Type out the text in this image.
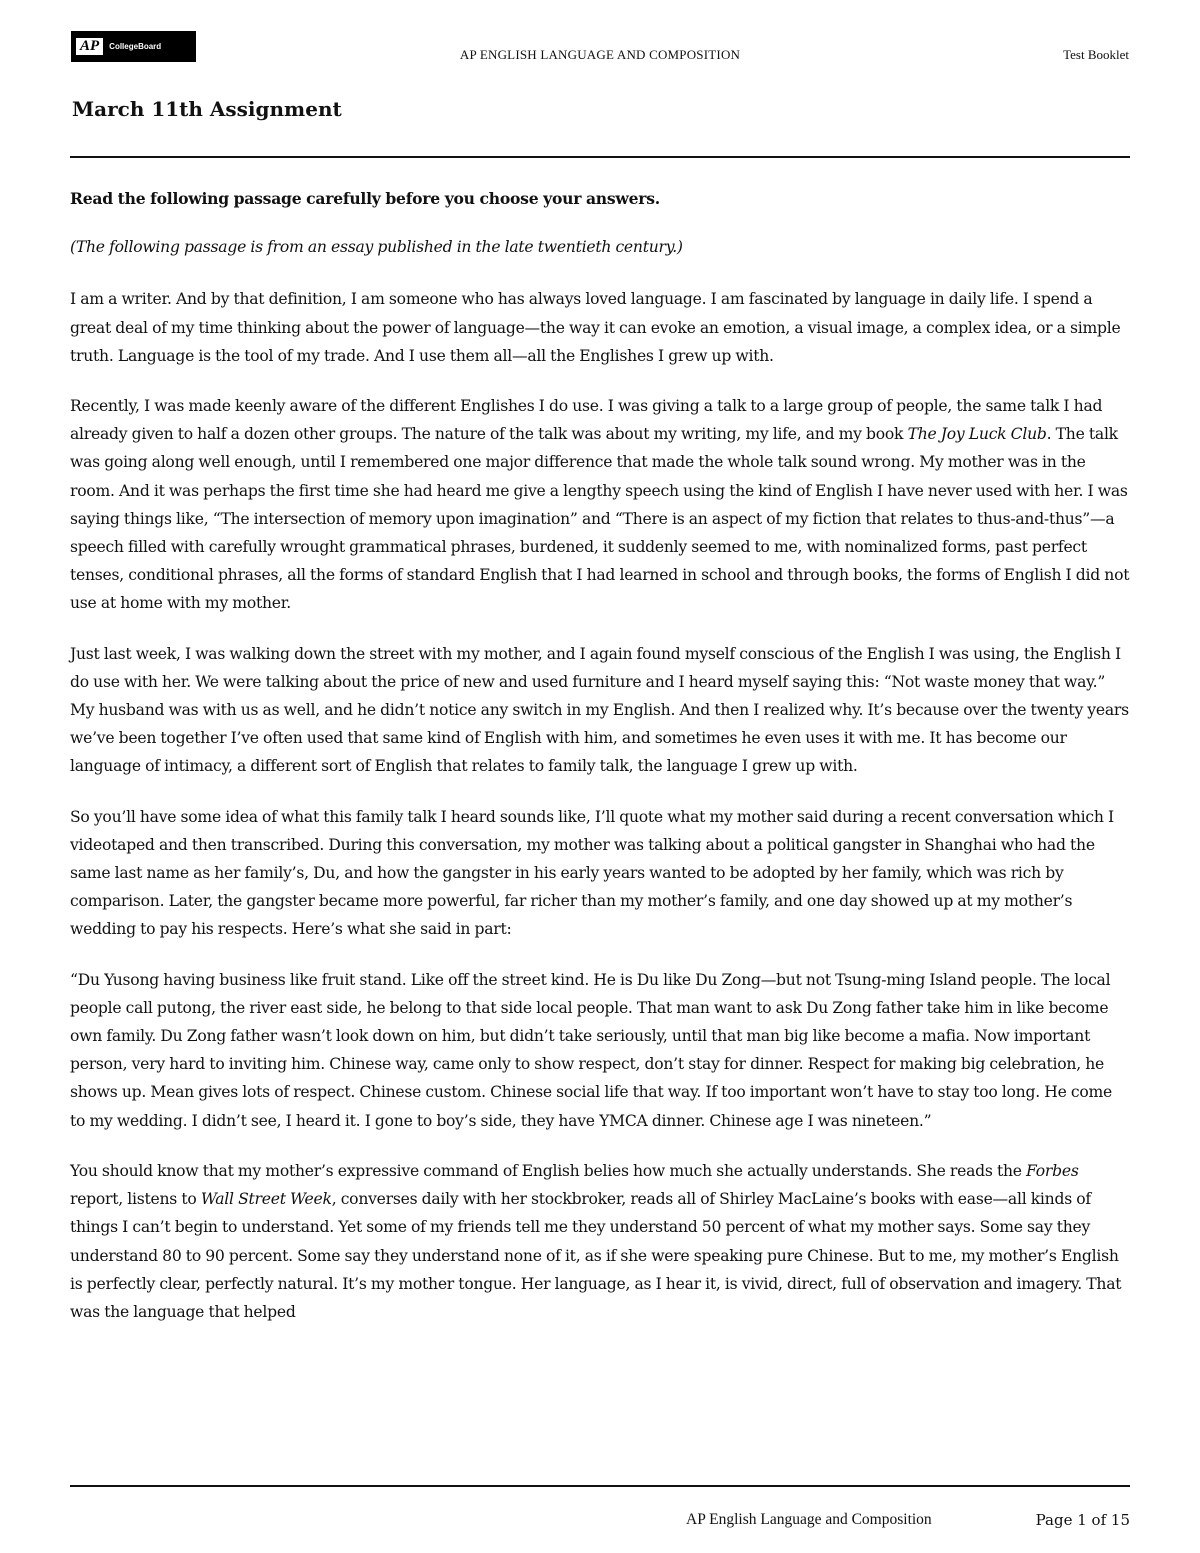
AP	CollegeBoard
AP ENGLISH LANGUAGE AND COMPOSITION	Test Booklet
March 11th Assignment

Read the following passage carefully before you choose your answers.

(The following passage is from an essay published in the late twentieth century.)

I am a writer. And by that definition, I am someone who has always loved language. I am fascinated by language in daily life. I spend a great deal of my time thinking about the power of language—the way it can evoke an emotion, a visual image, a complex idea, or a simple truth. Language is the tool of my trade. And I use them all—all the Englishes I grew up with.

Recently, I was made keenly aware of the different Englishes I do use. I was giving a talk to a large group of people, the same talk I had already given to half a dozen other groups. The nature of the talk was about my writing, my life, and my book The Joy Luck Club. The talk was going along well enough, until I remembered one major difference that made the whole talk sound wrong. My mother was in the room. And it was perhaps the first time she had heard me give a lengthy speech using the kind of English I have never used with her. I was saying things like, “The intersection of memory upon imagination” and “There is an aspect of my fiction that relates to thus-and-thus”—a speech filled with carefully wrought grammatical phrases, burdened, it suddenly seemed to me, with nominalized forms, past perfect tenses, conditional phrases, all the forms of standard English that I had learned in school and through books, the forms of English I did not use at home with my mother.

Just last week, I was walking down the street with my mother, and I again found myself conscious of the English I was using, the English I do use with her. We were talking about the price of new and used furniture and I heard myself saying this: “Not waste money that way.” My husband was with us as well, and he didn’t notice any switch in my English. And then I realized why. It’s because over the twenty years we’ve been together I’ve often used that same kind of English with him, and sometimes he even uses it with me. It has become our language of intimacy, a different sort of English that relates to family talk, the language I grew up with.

So you’ll have some idea of what this family talk I heard sounds like, I’ll quote what my mother said during a recent conversation which I videotaped and then transcribed. During this conversation, my mother was talking about a political gangster in Shanghai who had the same last name as her family’s, Du, and how the gangster in his early years wanted to be adopted by her family, which was rich by comparison. Later, the gangster became more powerful, far richer than my mother’s family, and one day showed up at my mother’s wedding to pay his respects. Here’s what she said in part:

“Du Yusong having business like fruit stand. Like off the street kind. He is Du like Du Zong—but not Tsung-ming Island people. The local people call putong, the river east side, he belong to that side local people. That man want to ask Du Zong father take him in like become own family. Du Zong father wasn’t look down on him, but didn’t take seriously, until that man big like become a mafia. Now important person, very hard to inviting him. Chinese way, came only to show respect, don’t stay for dinner. Respect for making big celebration, he shows up. Mean gives lots of respect. Chinese custom. Chinese social life that way. If too important won’t have to stay too long. He come to my wedding. I didn’t see, I heard it. I gone to boy’s side, they have YMCA dinner. Chinese age I was nineteen.”

You should know that my mother’s expressive command of English belies how much she actually understands. She reads the Forbes report, listens to Wall Street Week, converses daily with her stockbroker, reads all of Shirley MacLaine’s books with ease—all kinds of things I can’t begin to understand. Yet some of my friends tell me they understand 50 percent of what my mother says. Some say they understand 80 to 90 percent. Some say they understand none of it, as if she were speaking pure Chinese. But to me, my mother’s English is perfectly clear, perfectly natural. It’s my mother tongue. Her language, as I hear it, is vivid, direct, full of observation and imagery. That was the language that helped

AP English Language and Composition	Page 1 of 15
